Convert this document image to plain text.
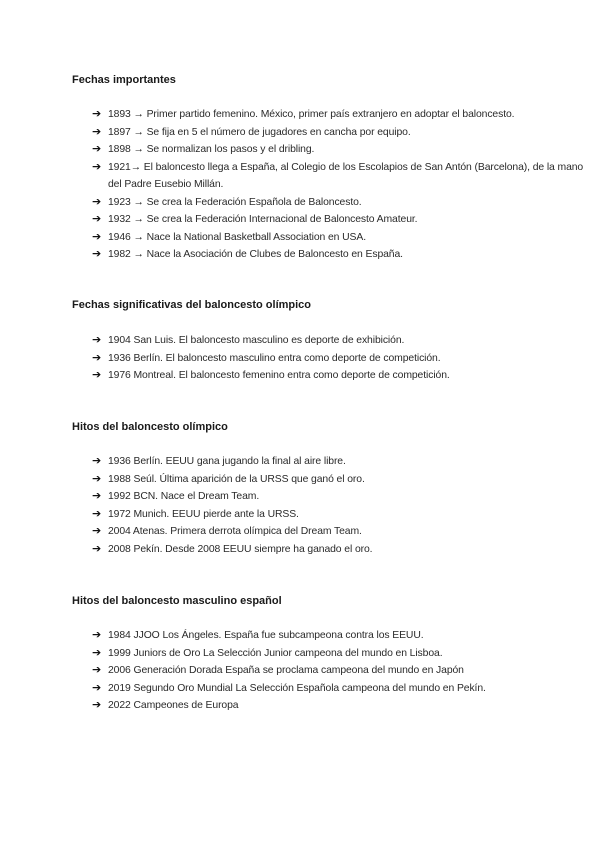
Fechas importantes
➔ 1893 → Primer partido femenino. México, primer país extranjero en adoptar el baloncesto.
➔ 1897 → Se fija en 5 el número de jugadores en cancha por equipo.
➔ 1898 → Se normalizan los pasos y el dribling.
➔ 1921→ El baloncesto llega a España, al Colegio de los Escolapios de San Antón (Barcelona), de la mano del Padre Eusebio Millán.
➔ 1923 → Se crea la Federación Española de Baloncesto.
➔ 1932 → Se crea la Federación Internacional de Baloncesto Amateur.
➔ 1946 → Nace la National Basketball Association en USA.
➔ 1982 → Nace la Asociación de Clubes de Baloncesto en España.
Fechas significativas del baloncesto olímpico
➔ 1904 San Luis. El baloncesto masculino es deporte de exhibición.
➔ 1936 Berlín. El baloncesto masculino entra como deporte de competición.
➔ 1976 Montreal. El baloncesto femenino entra como deporte de competición.
Hitos del baloncesto olímpico
➔ 1936 Berlín. EEUU gana jugando la final al aire libre.
➔ 1988 Seúl. Última aparición de la URSS que ganó el oro.
➔ 1992 BCN. Nace el Dream Team.
➔ 1972 Munich. EEUU pierde ante la URSS.
➔ 2004 Atenas. Primera derrota olímpica del Dream Team.
➔ 2008 Pekín. Desde 2008 EEUU siempre ha ganado el oro.
Hitos del baloncesto masculino español
➔ 1984 JJOO Los Ángeles. España fue subcampeona contra los EEUU.
➔ 1999 Juniors de Oro La Selección Junior campeona del mundo en Lisboa.
➔ 2006 Generación Dorada España se proclama campeona del mundo en Japón
➔ 2019 Segundo Oro Mundial La Selección Española campeona del mundo en Pekín.
➔ 2022 Campeones de Europa
